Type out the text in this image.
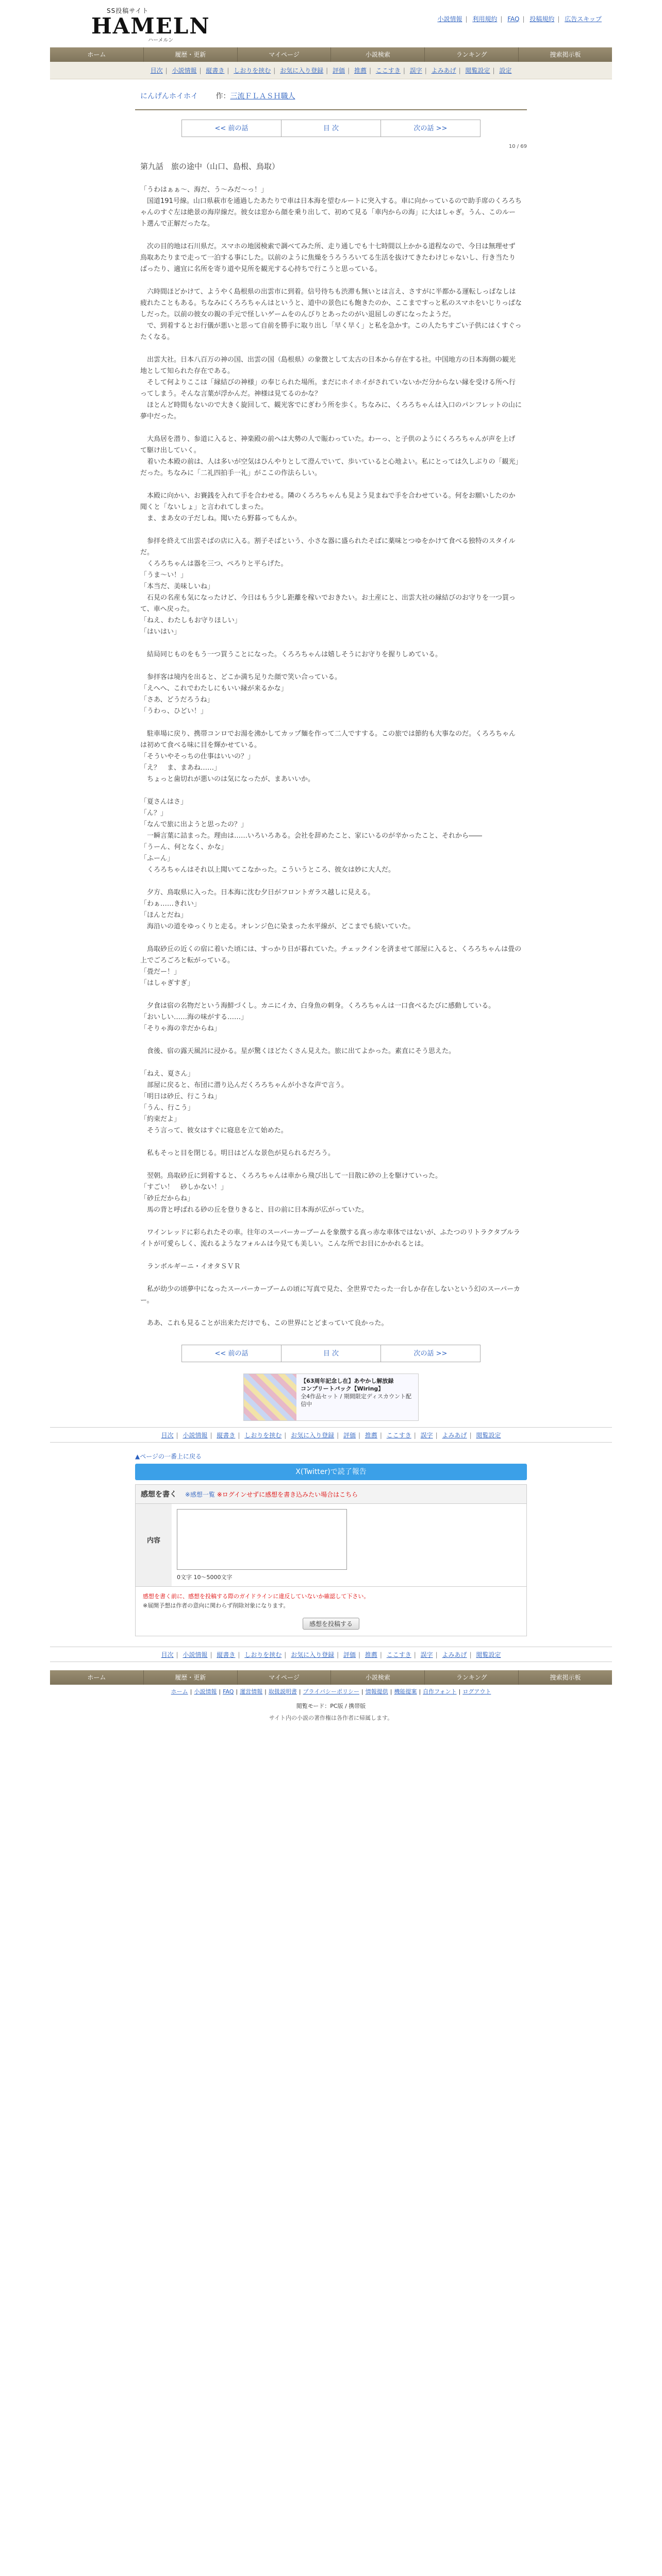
SS投稿サイト
HAMELN
ハーメルン
小説情報 | 利用規約 | FAQ | 投稿規約 | 広告スキップ
ホーム	履歴・更新	マイページ	小説検索	ランキング	捜索掲示板
目次 | 小説情報 | 縦書き | しおりを挟む | お気に入り登録 | 評価 | 推薦 | ここすき | 誤字 | よみあげ | 閲覧設定 | 設定
にんげんホイホイ 作：三流ＦＬＡＳＨ職人
<< 前の話	目 次	次の話 >>
10 / 69
第九話　旅の途中（山口、島根、鳥取）

「うわはぁぁ～、海だ、う～みだ～っ！」

　国道191号線。山口県萩市を通過したあたりで車は日本海を望むルートに突入する。車に向かっているので助手席のくろろちゃんのすぐ左は絶景の海岸線だ。彼女は窓から顔を乗り出して、初めて見る「車内からの海」に大はしゃぎ。うん、このルート選んで正解だったな。

　次の目的地は石川県だ。スマホの地図検索で調べてみた所、走り通しでも十七時間以上かかる道程なので、今日は無理せず鳥取あたりまで走って一泊する事にした。以前のように焦燥をうろうろいてる生活を抜けてきたわけじゃないし、行き当たりばったり、適宜に名所を寄り道や見所を観光する心持ちで行こうと思っている。

　六時間ほどかけて、ようやく島根県の出雲市に到着。信号待ちも渋滞も無いとは言え、さすがに半都かる運転しっぱなしは疲れたこともある。ちなみにくろろちゃんはというと、道中の景色にも飽きたのか、ここまですっと私のスマホをいじりっぱなしだった。以前の彼女の親の手元で怪しいゲームをのんびりとあったのがい退屈しのぎになったようだ。

　で、到着するとお行儀が悪いと思って自前を勝手に取り出し「早く早く」と私を急かす。この人たちすごい子供にはくすぐったくなる。

　出雲大社。日本八百万の神の国、出雲の国（島根県）の象徴として太古の日本から存在する社。中国地方の日本海側の観光地として知られた存在である。

　そして何よりここは「縁結びの神様」の奉じられた場所。まだにホイホイがされていないかだ分からない縁を受ける所へ行ってしまう。そんな言葉が浮かんだ。神様は見てるのかな？

　ほとんど時間もないので大きく旋回して、観光客でにぎわう所を歩く。ちなみに、くろろちゃんは入口のパンフレットの山に夢中だった。

　大鳥居を潜り、参道に入ると、神楽殿の前へは大勢の人で賑わっていた。わーっ、と子供のようにくろろちゃんが声を上げて駆け出していく。

　着いた本殿の前は、人は多いが空気はひんやりとして澄んでいて、歩いていると心地よい。私にとっては久しぶりの「観光」だった。ちなみに「二礼四拍手一礼」がここの作法らしい。

　本殿に向かい、お賽銭を入れて手を合わせる。隣のくろろちゃんも見よう見まねで手を合わせている。何をお願いしたのか聞くと「ないしょ」と言われてしまった。

　ま、まあ女の子だしね。聞いたら野暮ってもんか。

　参拝を終えて出雲そばの店に入る。割子そばという、小さな器に盛られたそばに薬味とつゆをかけて食べる独特のスタイルだ。

　くろろちゃんは器を三つ、ぺろりと平らげた。

「うま～い！」

「本当だ、美味しいね」

　石見の名産も気になったけど、今日はもう少し距離を稼いでおきたい。お土産にと、出雲大社の縁結びのお守りを一つ買って、車へ戻った。

「ねえ、わたしもお守りほしい」

「はいはい」

　結局同じものをもう一つ買うことになった。くろろちゃんは嬉しそうにお守りを握りしめている。

　参拝客は境内を出ると、どこか満ち足りた顔で笑い合っている。

「えへへ、これでわたしにもいい縁が来るかな」

「さあ、どうだろうね」

「うわっ、ひどい！」

　駐車場に戻り、携帯コンロでお湯を沸かしてカップ麺を作って二人ですする。この旅では節約も大事なのだ。くろろちゃんは初めて食べる味に目を輝かせている。

「そういやそっちの仕事はいいの？」

「え？　ま、まあね……」

　ちょっと歯切れが悪いのは気になったが、まあいいか。

「夏さんはさ」

「ん？」

「なんで旅に出ようと思ったの？」

　一瞬言葉に詰まった。理由は……いろいろある。会社を辞めたこと、家にいるのが辛かったこと、それから――

「うーん、何となく、かな」

「ふーん」

　くろろちゃんはそれ以上聞いてこなかった。こういうところ、彼女は妙に大人だ。

　夕方、鳥取県に入った。日本海に沈む夕日がフロントガラス越しに見える。

「わぁ……きれい」

「ほんとだね」

　海沿いの道をゆっくりと走る。オレンジ色に染まった水平線が、どこまでも続いていた。

　鳥取砂丘の近くの宿に着いた頃には、すっかり日が暮れていた。チェックインを済ませて部屋に入ると、くろろちゃんは畳の上でごろごろと転がっている。

「畳だー！」

「はしゃぎすぎ」

　夕食は宿の名物だという海鮮づくし。カニにイカ、白身魚の刺身。くろろちゃんは一口食べるたびに感動している。

「おいしい……海の味がする……」

「そりゃ海の幸だからね」

　食後、宿の露天風呂に浸かる。星が驚くほどたくさん見えた。旅に出てよかった。素直にそう思えた。

「ねえ、夏さん」

　部屋に戻ると、布団に潜り込んだくろろちゃんが小さな声で言う。

「明日は砂丘、行こうね」

「うん、行こう」

「約束だよ」

　そう言って、彼女はすぐに寝息を立て始めた。

　私もそっと目を閉じる。明日はどんな景色が見られるだろう。

　翌朝。鳥取砂丘に到着すると、くろろちゃんは車から飛び出して一目散に砂の上を駆けていった。

「すごい！　砂しかない！」

「砂丘だからね」

　馬の背と呼ばれる砂の丘を登りきると、目の前に日本海が広がっていた。

　ワインレッドに彩られたその車。往年のスーパーカーブームを象徴する真っ赤な車体ではないが、ふたつのリトラクタブルライトが可愛らしく、流れるようなフォルムは今見ても美しい。こんな所でお目にかかれるとは。

　ランボルギーニ・イオタＳＶＲ

　私が幼少の頃夢中になったスーパーカーブームの頃に写真で見た、全世界でたった一台しか存在しないという幻のスーパーカー。

　ああ、これも見ることが出来ただけでも、この世界にとどまっていて良かった。

<< 前の話	目 次	次の話 >>
【63周年記念し在】あやかし解放録
コンプリートパック【Wiring】
全4作品セット / 期間限定ディスカウント配信中
目次 | 小説情報 | 縦書き | しおりを挟む | お気に入り登録 | 評価 | 推薦 | ここすき | 誤字 | よみあげ | 閲覧設定
▲ページの一番上に戻る
X(Twitter)で読了報告
感想を書く ※感想一覧 ※ログインせずに感想を書き込みたい場合はこちら
内容
0文字 10～5000文字
感想を書く前に、感想を投稿する際のガイドラインに違反していないか確認して下さい。
※展開予想は作者の意向に関わらず削除対象になります。
感想を投稿する
目次 | 小説情報 | 縦書き | しおりを挟む | お気に入り登録 | 評価 | 推薦 | ここすき | 誤字 | よみあげ | 閲覧設定
ホーム	履歴・更新	マイページ	小説検索	ランキング	捜索掲示板
ホーム | 小説情報 | FAQ | 運営情報 | 取扱説明書 | プライバシーポリシー | 情報提供 | 機能提案 | 自作フォント | ログアウト
閲覧モード：PC版 / 携帯版
サイト内の小説の著作権は各作者に帰属します。
